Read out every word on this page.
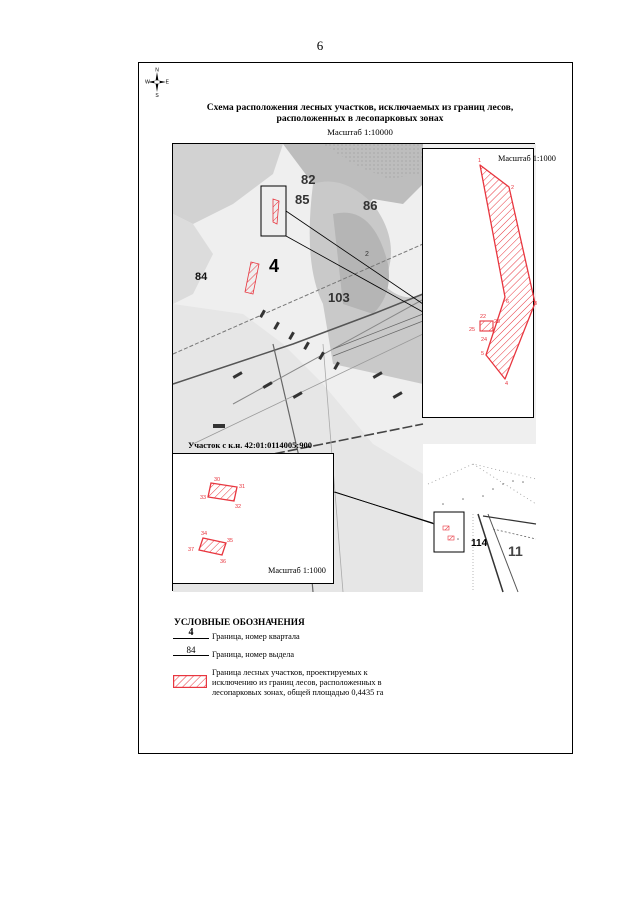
6
N
S
W	E
Схема расположения лесных участков, исключаемых из границ лесов,
расположенных в лесопарковых зонах
Масштаб 1:10000
82
85	86
84
103
114 11
4
2
1
2
3
4
5
6
22
23
24
25
Масштаб 1:1000
Участок с к.н. 42:01:0114005:900
30
31
32
33
34
35
36
37
Масштаб 1:1000
УСЛОВНЫЕ ОБОЗНАЧЕНИЯ
4	Граница, номер квартала
84	Граница, номер выдела
Граница лесных участков, проектируемых к исключению из границ лесов, расположенных в лесопарковых зонах, общей площадью 0,4435 га
